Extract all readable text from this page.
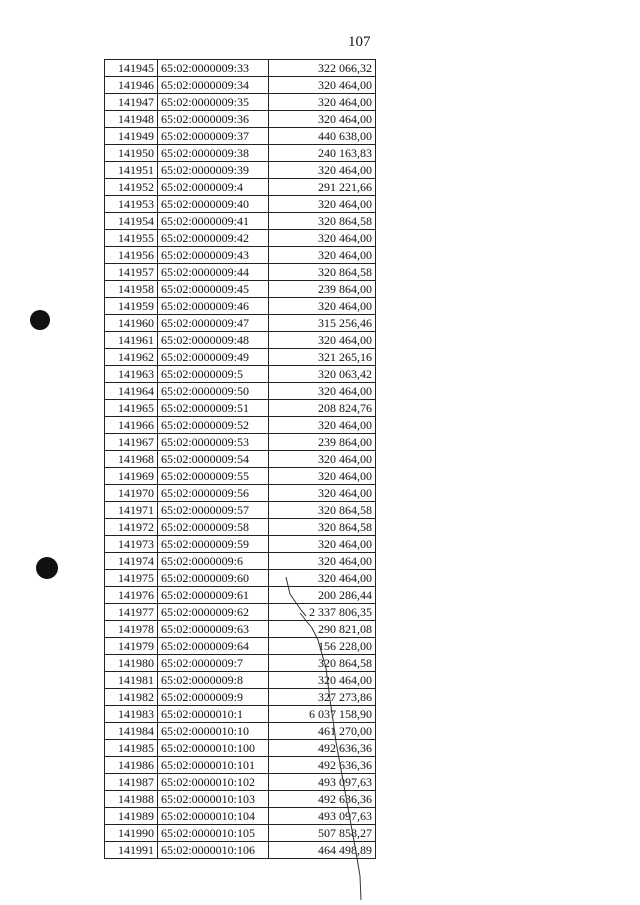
107
141945	65:02:0000009:33	322 066,32
141946	65:02:0000009:34	320 464,00
141947	65:02:0000009:35	320 464,00
141948	65:02:0000009:36	320 464,00
141949	65:02:0000009:37	440 638,00
141950	65:02:0000009:38	240 163,83
141951	65:02:0000009:39	320 464,00
141952	65:02:0000009:4	291 221,66
141953	65:02:0000009:40	320 464,00
141954	65:02:0000009:41	320 864,58
141955	65:02:0000009:42	320 464,00
141956	65:02:0000009:43	320 464,00
141957	65:02:0000009:44	320 864,58
141958	65:02:0000009:45	239 864,00
141959	65:02:0000009:46	320 464,00
141960	65:02:0000009:47	315 256,46
141961	65:02:0000009:48	320 464,00
141962	65:02:0000009:49	321 265,16
141963	65:02:0000009:5	320 063,42
141964	65:02:0000009:50	320 464,00
141965	65:02:0000009:51	208 824,76
141966	65:02:0000009:52	320 464,00
141967	65:02:0000009:53	239 864,00
141968	65:02:0000009:54	320 464,00
141969	65:02:0000009:55	320 464,00
141970	65:02:0000009:56	320 464,00
141971	65:02:0000009:57	320 864,58
141972	65:02:0000009:58	320 864,58
141973	65:02:0000009:59	320 464,00
141974	65:02:0000009:6	320 464,00
141975	65:02:0000009:60	320 464,00
141976	65:02:0000009:61	200 286,44
141977	65:02:0000009:62	2 337 806,35
141978	65:02:0000009:63	290 821,08
141979	65:02:0000009:64	156 228,00
141980	65:02:0000009:7	320 864,58
141981	65:02:0000009:8	320 464,00
141982	65:02:0000009:9	327 273,86
141983	65:02:0000010:1	6 037 158,90
141984	65:02:0000010:10	461 270,00
141985	65:02:0000010:100	492 636,36
141986	65:02:0000010:101	492 636,36
141987	65:02:0000010:102	493 097,63
141988	65:02:0000010:103	492 636,36
141989	65:02:0000010:104	493 097,63
141990	65:02:0000010:105	507 858,27
141991	65:02:0000010:106	464 498,89
